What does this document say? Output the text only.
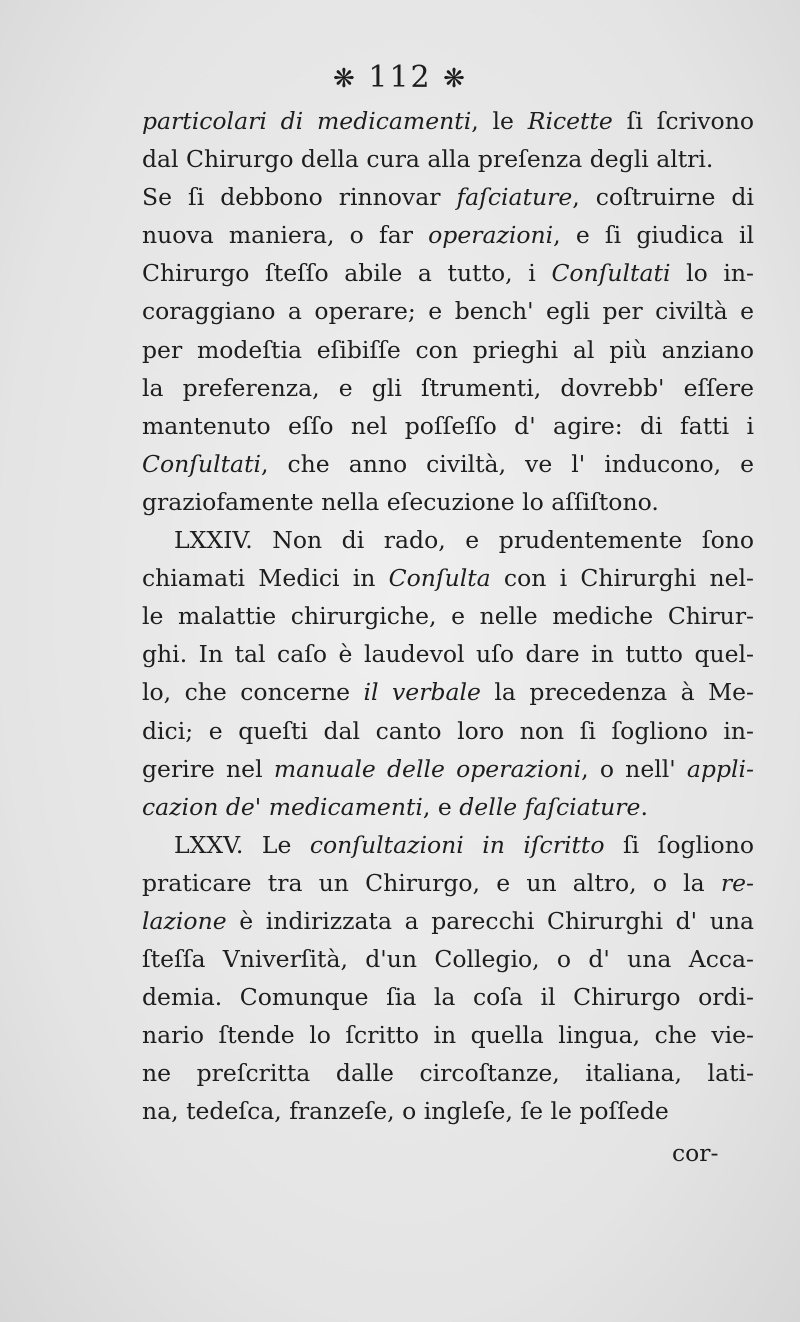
❋ 112 ❋
particolari di medicamenti, le Ricette ſi ſcrivono
dal Chirurgo della cura alla preſenza degli altri.
Se ſi debbono rinnovar faſciature, coſtruirne di
nuova maniera, o far operazioni, e ſi giudica il
Chirurgo ſteſſo abile a tutto, i Conſultati lo in-
coraggiano a operare; e bench' egli per civiltà e
per modeſtia eſibiſſe con prieghi al più anziano
la preferenza, e gli ſtrumenti, dovrebb' eſſere
mantenuto eſſo nel poſſeſſo d' agire: di fatti i
Conſultati, che anno civiltà, ve l' inducono, e
graziofamente nella eſecuzione lo aſſiſtono.
LXXIV. Non di rado, e prudentemente ſono
chiamati Medici in Conſulta con i Chirurghi nel-
le malattie chirurgiche, e nelle mediche Chirur-
ghi. In tal caſo è laudevol uſo dare in tutto quel-
lo, che concerne il verbale la precedenza à Me-
dici; e queſti dal canto loro non ſi ſogliono in-
gerire nel manuale delle operazioni, o nell' appli-
cazion de' medicamenti, e delle faſciature.
LXXV. Le conſultazioni in iſcritto ſi ſogliono
praticare tra un Chirurgo, e un altro, o la re-
lazione è indirizzata a parecchi Chirurghi d' una
ſteſſa Vniverſità, d'un Collegio, o d' una Acca-
demia. Comunque ſia la coſa il Chirurgo ordi-
nario ſtende lo ſcritto in quella lingua, che vie-
ne preſcritta dalle circoſtanze, italiana, lati-
na, tedeſca, franzeſe, o ingleſe, ſe le poſſede
cor-
